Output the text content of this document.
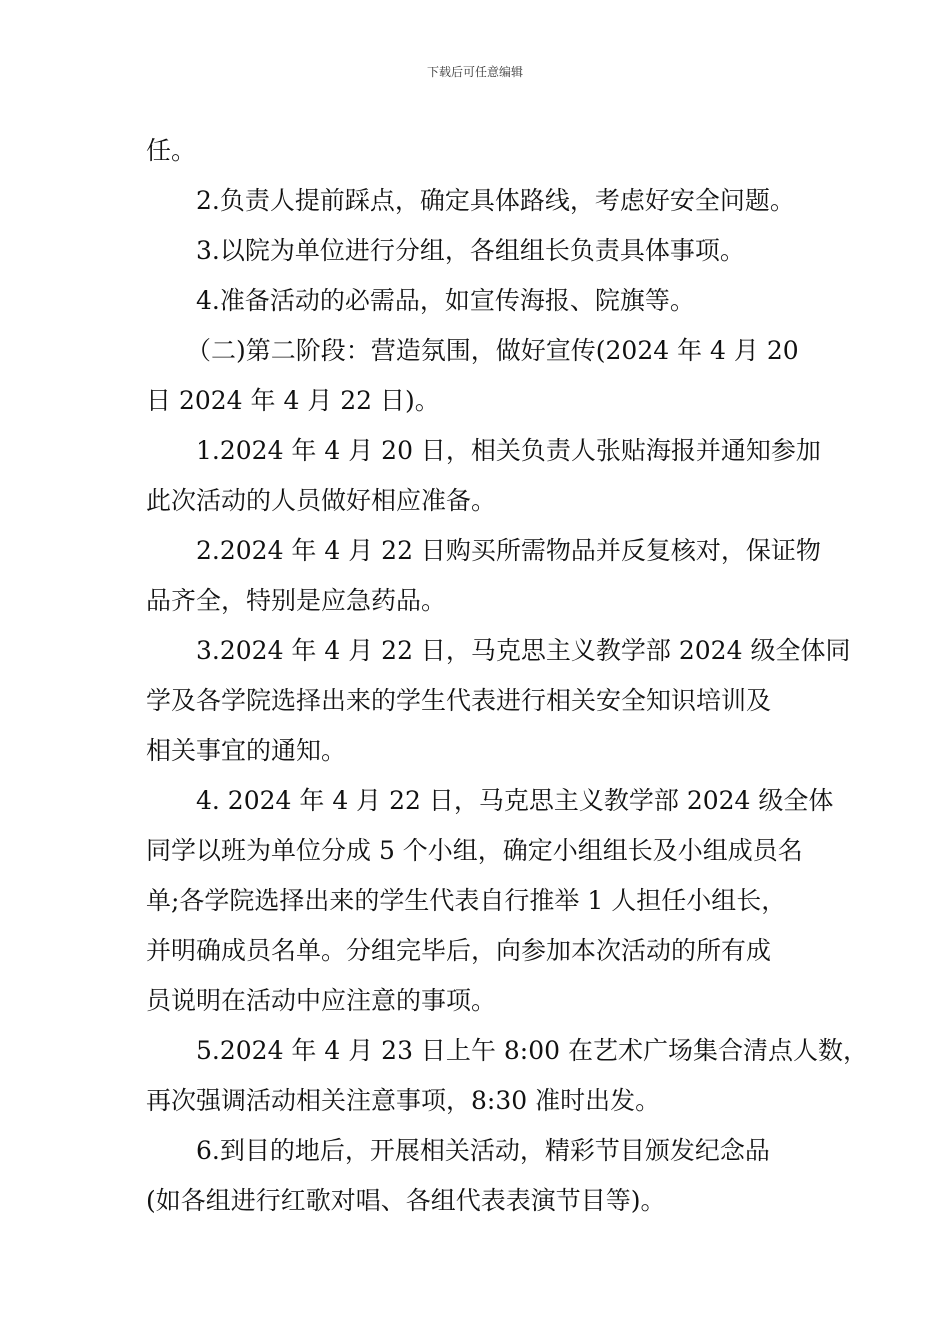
下载后可任意编辑

任。

2.负责人提前踩点，确定具体路线，考虑好安全问题。

3.以院为单位进行分组，各组组长负责具体事项。

4.准备活动的必需品，如宣传海报、院旗等。

（二)第二阶段：营造氛围，做好宣传(2024 年 4 月 20

日 2024 年 4 月 22 日)。

1.2024 年 4 月 20 日，相关负责人张贴海报并通知参加

此次活动的人员做好相应准备。

2.2024 年 4 月 22 日购买所需物品并反复核对，保证物

品齐全，特别是应急药品。

3.2024 年 4 月 22 日，马克思主义教学部 2024 级全体同

学及各学院选择出来的学生代表进行相关安全知识培训及

相关事宜的通知。

4. 2024 年 4 月 22 日，马克思主义教学部 2024 级全体

同学以班为单位分成 5 个小组，确定小组组长及小组成员名

单;各学院选择出来的学生代表自行推举 1 人担任小组长，

并明确成员名单。分组完毕后，向参加本次活动的所有成

员说明在活动中应注意的事项。

5.2024 年 4 月 23 日上午 8:00 在艺术广场集合清点人数，

再次强调活动相关注意事项，8:30 准时出发。

6.到目的地后，开展相关活动，精彩节目颁发纪念品

(如各组进行红歌对唱、各组代表表演节目等)。
